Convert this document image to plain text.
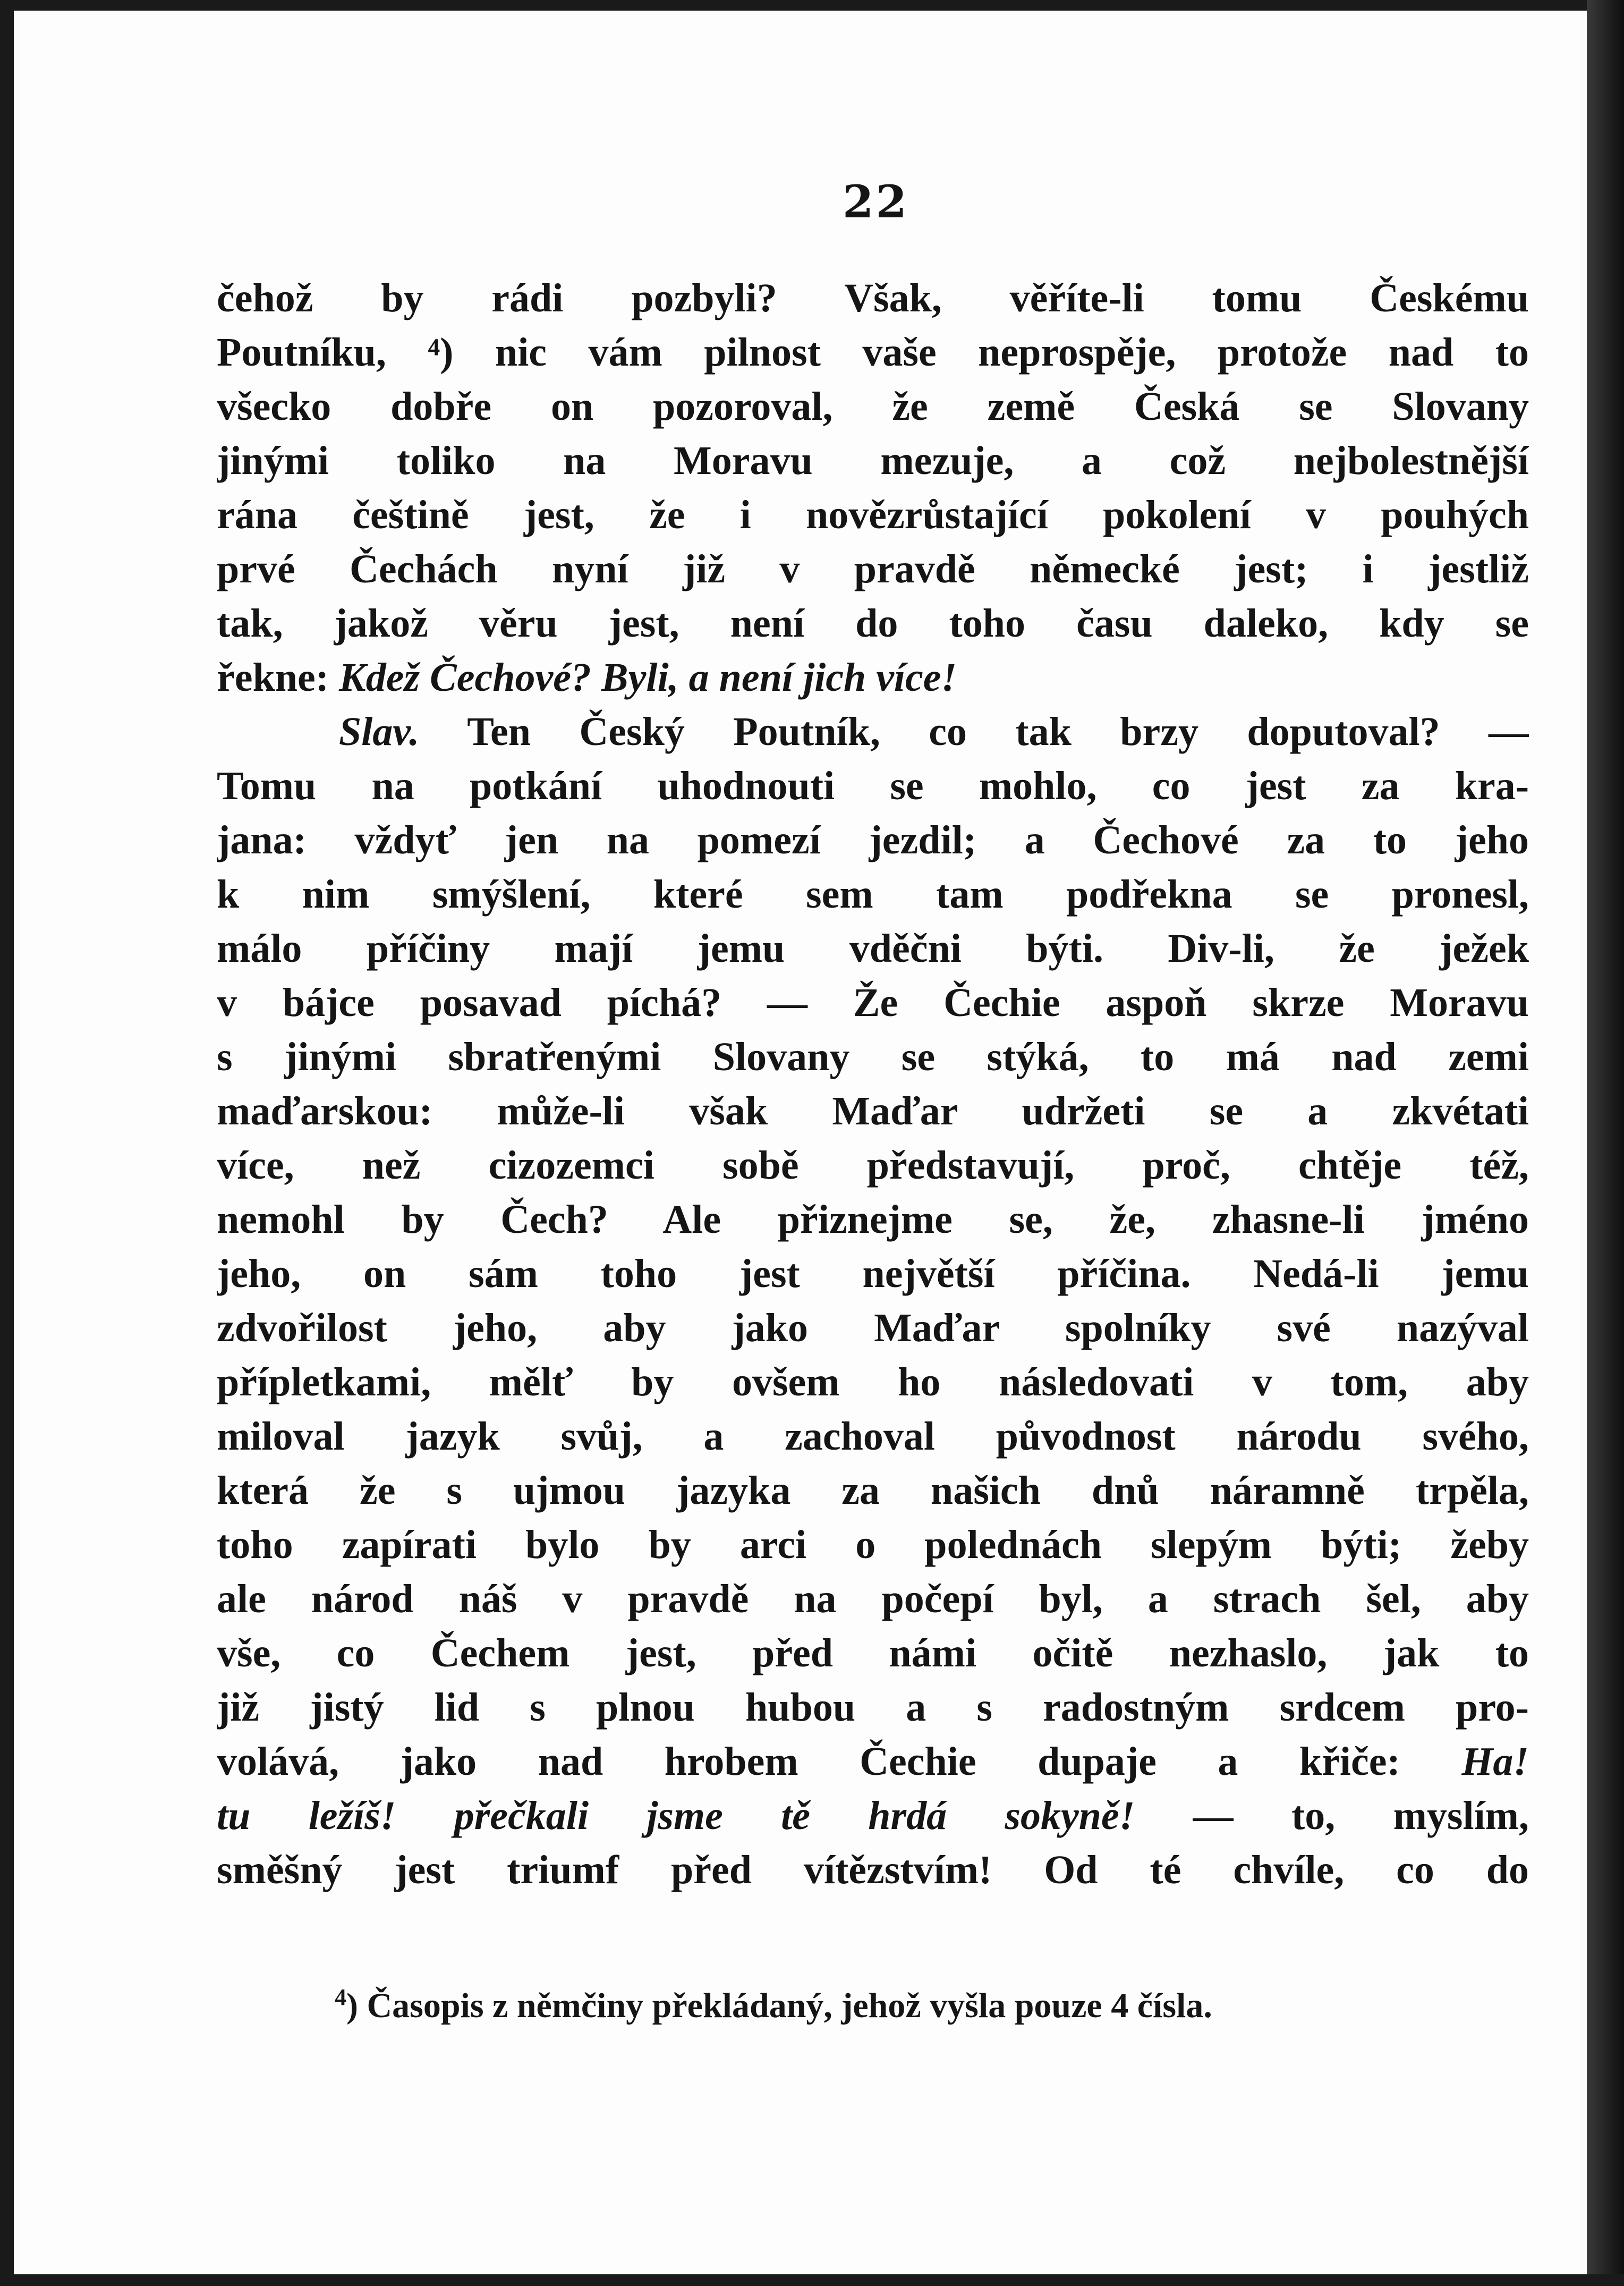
22
čehož by rádi pozbyli? Však, věříte-li tomu Českému
Poutníku, ⁴) nic vám pilnost vaše neprospěje, protože nad to
všecko dobře on pozoroval, že země Česká se Slovany
jinými toliko na Moravu mezuje, a což nejbolestnější
rána češtině jest, že i novězrůstající pokolení v pouhých
prvé Čechách nyní již v pravdě německé jest; i jestliž
tak, jakož věru jest, není do toho času daleko, kdy se
řekne: Kdež Čechové? Byli, a není jich více!
Slav. Ten Český Poutník, co tak brzy doputoval? —
Tomu na potkání uhodnouti se mohlo, co jest za kra-
jana: vždyť jen na pomezí jezdil; a Čechové za to jeho
k nim smýšlení, které sem tam podřekna se pronesl,
málo příčiny mají jemu vděčni býti. Div-li, že ježek
v bájce posavad píchá? — Že Čechie aspoň skrze Moravu
s jinými sbratřenými Slovany se stýká, to má nad zemi
maďarskou: může-li však Maďar udržeti se a zkvétati
více, než cizozemci sobě představují, proč, chtěje též,
nemohl by Čech? Ale přiznejme se, že, zhasne-li jméno
jeho, on sám toho jest největší příčina. Nedá-li jemu
zdvořilost jeho, aby jako Maďar spolníky své nazýval
přípletkami, mělť by ovšem ho následovati v tom, aby
miloval jazyk svůj, a zachoval původnost národu svého,
která že s ujmou jazyka za našich dnů náramně trpěla,
toho zapírati bylo by arci o polednách slepým býti; žeby
ale národ náš v pravdě na počepí byl, a strach šel, aby
vše, co Čechem jest, před námi očitě nezhaslo, jak to
již jistý lid s plnou hubou a s radostným srdcem pro-
volává, jako nad hrobem Čechie dupaje a křiče: Ha!
tu ležíš! přečkali jsme tě hrdá sokyně! — to, myslím,
směšný jest triumf před vítězstvím! Od té chvíle, co do
$^4$) Časopis z němčiny překládaný, jehož vyšla pouze 4 čísla.
